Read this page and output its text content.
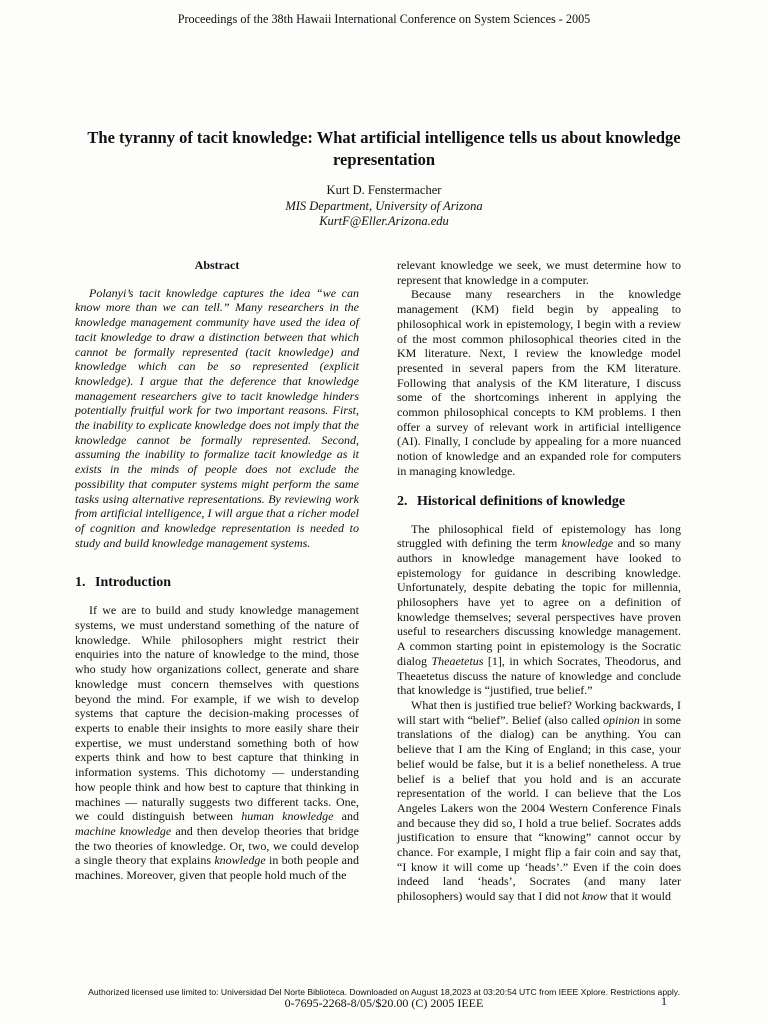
Proceedings of the 38th Hawaii International Conference on System Sciences - 2005
The tyranny of tacit knowledge: What artificial intelligence tells us about knowledge representation
Kurt D. Fenstermacher
MIS Department, University of Arizona
KurtF@Eller.Arizona.edu
Abstract

Polanyi’s tacit knowledge captures the idea “we can know more than we can tell.” Many researchers in the knowledge management community have used the idea of tacit knowledge to draw a distinction between that which cannot be formally represented (tacit knowledge) and knowledge which can be so represented (explicit knowledge). I argue that the deference that knowledge management researchers give to tacit knowledge hinders potentially fruitful work for two important reasons. First, the inability to explicate knowledge does not imply that the knowledge cannot be formally represented. Second, assuming the inability to formalize tacit knowledge as it exists in the minds of people does not exclude the possibility that computer systems might perform the same tasks using alternative representations. By reviewing work from artificial intelligence, I will argue that a richer model of cognition and knowledge representation is needed to study and build knowledge management systems.

1. Introduction

If we are to build and study knowledge management systems, we must understand something of the nature of knowledge. While philosophers might restrict their enquiries into the nature of knowledge to the mind, those who study how organizations collect, generate and share knowledge must concern themselves with questions beyond the mind. For example, if we wish to develop systems that capture the decision-making processes of experts to enable their insights to more easily share their expertise, we must understand something both of how experts think and how to best capture that thinking in information systems. This dichotomy — understanding how people think and how best to capture that thinking in machines — naturally suggests two different tacks. One, we could distinguish between human knowledge and machine knowledge and then develop theories that bridge the two theories of knowledge. Or, two, we could develop a single theory that explains knowledge in both people and machines. Moreover, given that people hold much of the

relevant knowledge we seek, we must determine how to represent that knowledge in a computer.

Because many researchers in the knowledge management (KM) field begin by appealing to philosophical work in epistemology, I begin with a review of the most common philosophical theories cited in the KM literature. Next, I review the knowledge model presented in several papers from the KM literature. Following that analysis of the KM literature, I discuss some of the shortcomings inherent in applying the common philosophical concepts to KM problems. I then offer a survey of relevant work in artificial intelligence (AI). Finally, I conclude by appealing for a more nuanced notion of knowledge and an expanded role for computers in managing knowledge.

2. Historical definitions of knowledge

The philosophical field of epistemology has long struggled with defining the term knowledge and so many authors in knowledge management have looked to epistemology for guidance in describing knowledge. Unfortunately, despite debating the topic for millennia, philosophers have yet to agree on a definition of knowledge themselves; several perspectives have proven useful to researchers discussing knowledge management. A common starting point in epistemology is the Socratic dialog Theaetetus [1], in which Socrates, Theodorus, and Theaetetus discuss the nature of knowledge and conclude that knowledge is “justified, true belief.”

What then is justified true belief? Working backwards, I will start with “belief”. Belief (also called opinion in some translations of the dialog) can be anything. You can believe that I am the King of England; in this case, your belief would be false, but it is a belief nonetheless. A true belief is a belief that you hold and is an accurate representation of the world. I can believe that the Los Angeles Lakers won the 2004 Western Conference Finals and because they did so, I hold a true belief. Socrates adds justification to ensure that “knowing” cannot occur by chance. For example, I might flip a fair coin and say that, “I know it will come up ‘heads’.” Even if the coin does indeed land ‘heads’, Socrates (and many later philosophers) would say that I did not know that it would

Authorized licensed use limited to: Universidad Del Norte Biblioteca. Downloaded on August 18,2023 at 03:20:54 UTC from IEEE Xplore. Restrictions apply.
0-7695-2268-8/05/$20.00 (C) 2005 IEEE	1
